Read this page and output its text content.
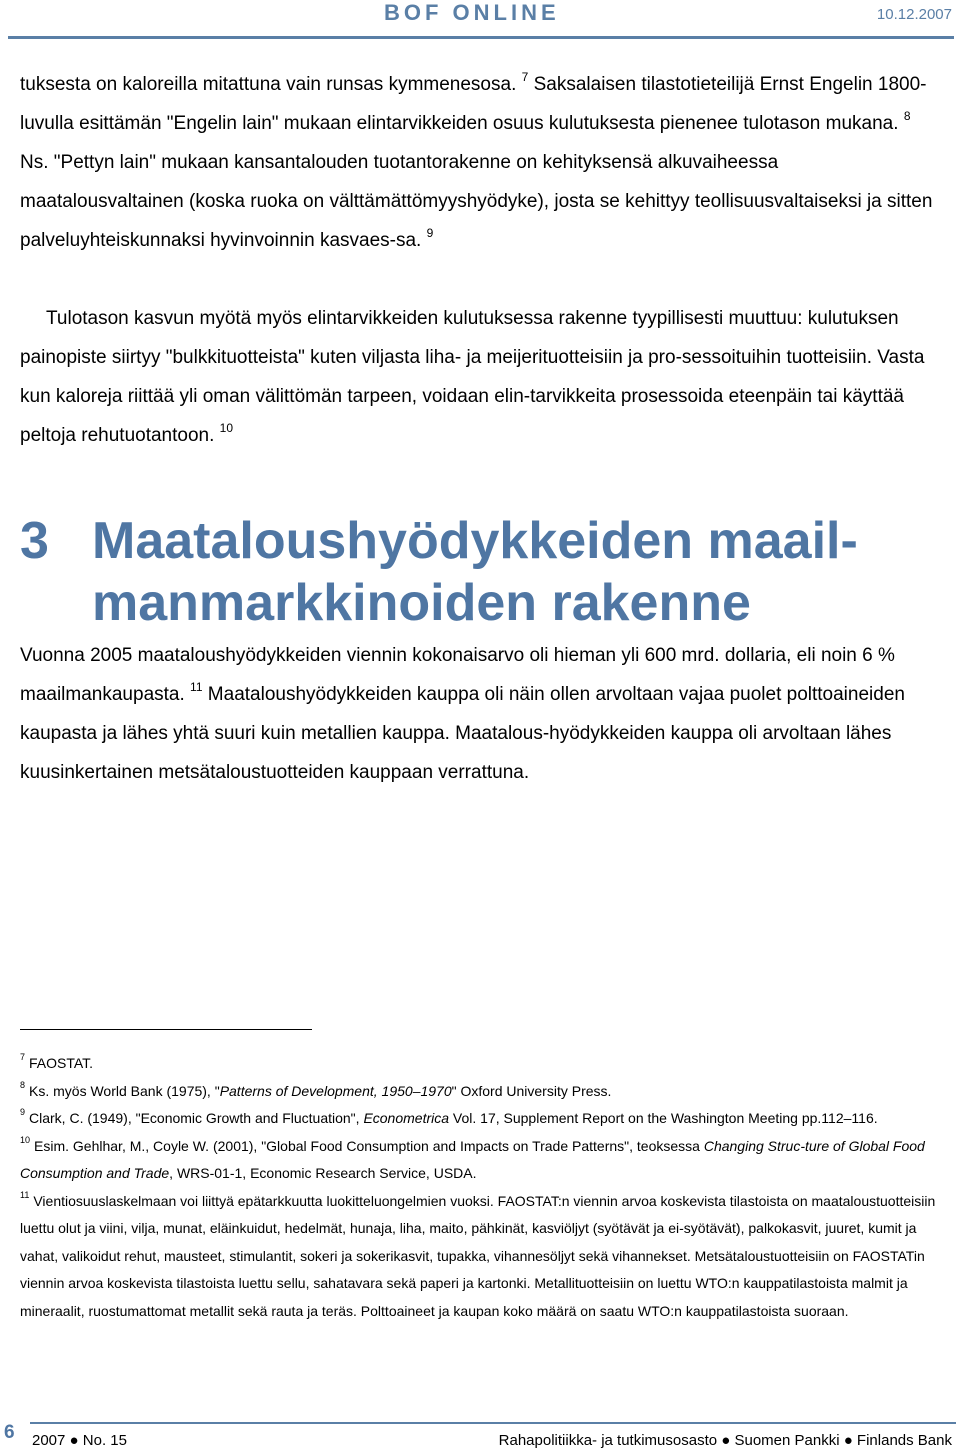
BOF ONLINE	10.12.2007

tuksesta on kaloreilla mitattuna vain runsas kymmenesosa. $^7$ Saksalaisen tilastotieteilijä Ernst Engelin 1800-luvulla esittämän "Engelin lain" mukaan elintarvikkeiden osuus kulutuksesta pienenee tulotason mukana. $^8$ Ns. "Pettyn lain" mukaan kansantalouden tuotantorakenne on kehityksensä alkuvaiheessa maatalousvaltainen (koska ruoka on välttämättömyyshyödyke), josta se kehittyy teollisuusvaltaiseksi ja sitten palveluyhteiskunnaksi hyvinvoinnin kasvaes-sa. $^9$

Tulotason kasvun myötä myös elintarvikkeiden kulutuksessa rakenne tyypillisesti muuttuu: kulutuksen painopiste siirtyy "bulkkituotteista" kuten viljasta liha- ja meijerituotteisiin ja pro-sessoituihin tuotteisiin. Vasta kun kaloreja riittää yli oman välittömän tarpeen, voidaan elin-tarvikkeita prosessoida eteenpäin tai käyttää peltoja rehutuotantoon. $^{10}$

3 Maataloushyödykkeiden maail-manmarkkinoiden rakenne

Vuonna 2005 maataloushyödykkeiden viennin kokonaisarvo oli hieman yli 600 mrd. dollaria, eli noin 6 % maailmankaupasta. $^{11}$ Maataloushyödykkeiden kauppa oli näin ollen arvoltaan vajaa puolet polttoaineiden kaupasta ja lähes yhtä suuri kuin metallien kauppa. Maatalous-hyödykkeiden kauppa oli arvoltaan lähes kuusinkertainen metsätaloustuotteiden kauppaan verrattuna.

$^7$ FAOSTAT.

$^8$ Ks. myös World Bank (1975), "Patterns of Development, 1950–1970" Oxford University Press.

$^9$ Clark, C. (1949), "Economic Growth and Fluctuation", Econometrica Vol. 17, Supplement Report on the Washington Meeting pp.112–116.

$^{10}$ Esim. Gehlhar, M., Coyle W. (2001), "Global Food Consumption and Impacts on Trade Patterns", teoksessa Changing Struc-ture of Global Food Consumption and Trade, WRS-01-1, Economic Research Service, USDA.

$^{11}$ Vientiosuuslaskelmaan voi liittyä epätarkkuutta luokitteluongelmien vuoksi. FAOSTAT:n viennin arvoa koskevista tilastoista on maataloustuotteisiin luettu olut ja viini, vilja, munat, eläinkuidut, hedelmät, hunaja, liha, maito, pähkinät, kasviöljyt (syötävät ja ei-syötävät), palkokasvit, juuret, kumit ja vahat, valikoidut rehut, mausteet, stimulantit, sokeri ja sokerikasvit, tupakka, vihannesöljyt sekä vihannekset. Metsätaloustuotteisiin on FAOSTATin viennin arvoa koskevista tilastoista luettu sellu, sahatavara sekä paperi ja kartonki. Metallituotteisiin on luettu WTO:n kauppatilastoista malmit ja mineraalit, ruostumattomat metallit sekä rauta ja teräs. Polttoaineet ja kaupan koko määrä on saatu WTO:n kauppatilastoista suoraan.

6 2007 ● No. 15	Rahapolitiikka- ja tutkimusosasto ● Suomen Pankki ● Finlands Bank
